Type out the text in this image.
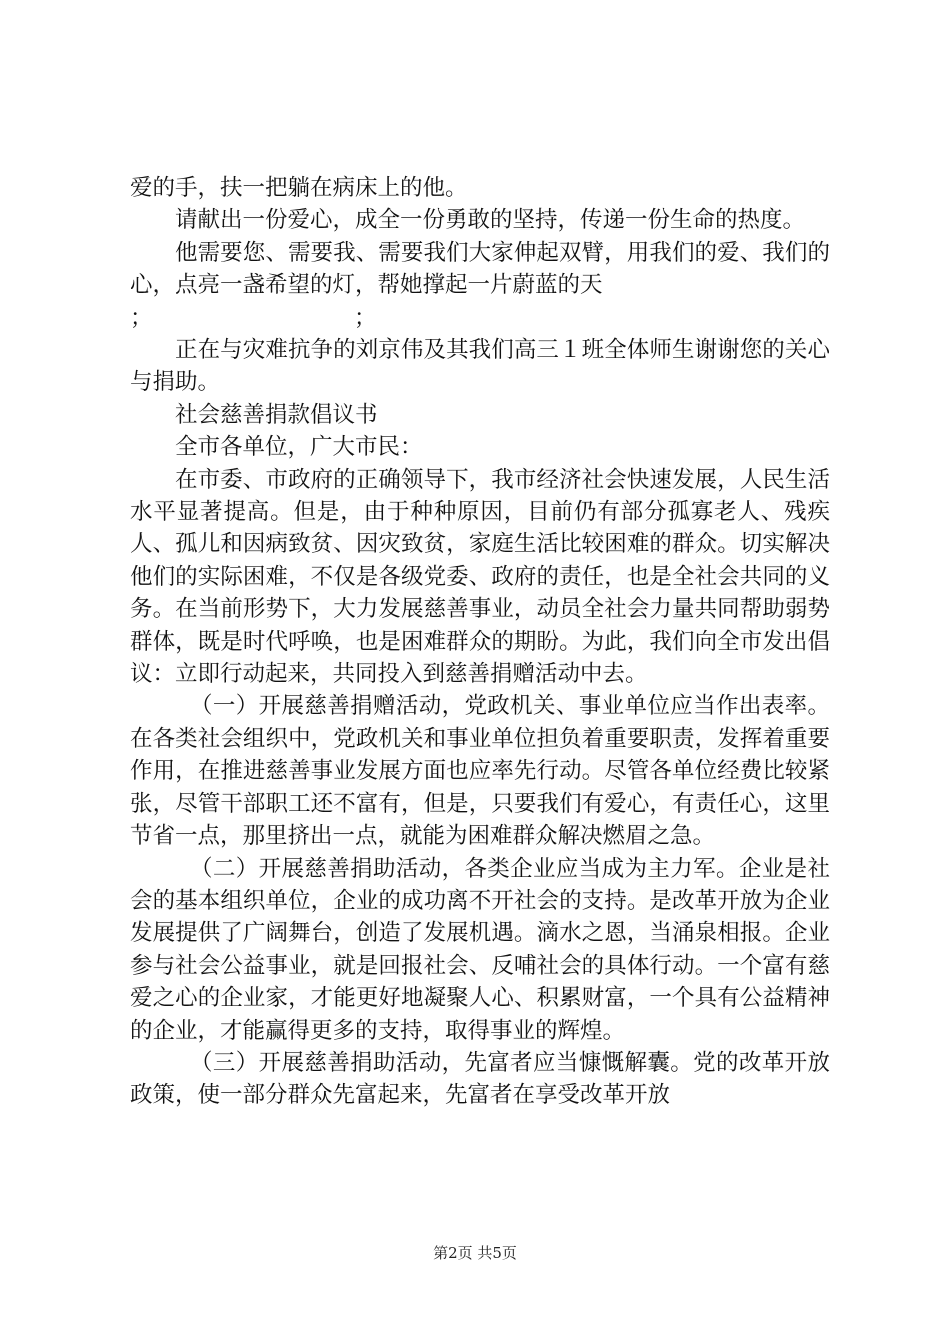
爱的手，扶一把躺在病床上的他。

请献出一份爱心，成全一份勇敢的坚持，传递一份生命的热度。

他需要您、需要我、需要我们大家伸起双臂，用我们的爱、我们的心，点亮一盏希望的灯，帮她撑起一片蔚蓝的天

；	；

正在与灾难抗争的刘京伟及其我们高三１班全体师生谢谢您的关心与捐助。

社会慈善捐款倡议书

全市各单位，广大市民：

在市委、市政府的正确领导下，我市经济社会快速发展，人民生活水平显著提高。但是，由于种种原因，目前仍有部分孤寡老人、残疾人、孤儿和因病致贫、因灾致贫，家庭生活比较困难的群众。切实解决他们的实际困难，不仅是各级党委、政府的责任，也是全社会共同的义务。在当前形势下，大力发展慈善事业，动员全社会力量共同帮助弱势群体，既是时代呼唤，也是困难群众的期盼。为此，我们向全市发出倡议：立即行动起来，共同投入到慈善捐赠活动中去。

（一）开展慈善捐赠活动，党政机关、事业单位应当作出表率。在各类社会组织中，党政机关和事业单位担负着重要职责，发挥着重要作用，在推进慈善事业发展方面也应率先行动。尽管各单位经费比较紧张，尽管干部职工还不富有，但是，只要我们有爱心，有责任心，这里节省一点，那里挤出一点，就能为困难群众解决燃眉之急。

（二）开展慈善捐助活动，各类企业应当成为主力军。企业是社会的基本组织单位，企业的成功离不开社会的支持。是改革开放为企业发展提供了广阔舞台，创造了发展机遇。滴水之恩，当涌泉相报。企业参与社会公益事业，就是回报社会、反哺社会的具体行动。一个富有慈爱之心的企业家，才能更好地凝聚人心、积累财富，一个具有公益精神的企业，才能赢得更多的支持，取得事业的辉煌。

（三）开展慈善捐助活动，先富者应当慷慨解囊。党的改革开放政策，使一部分群众先富起来，先富者在享受改革开放

第2页 共5页
